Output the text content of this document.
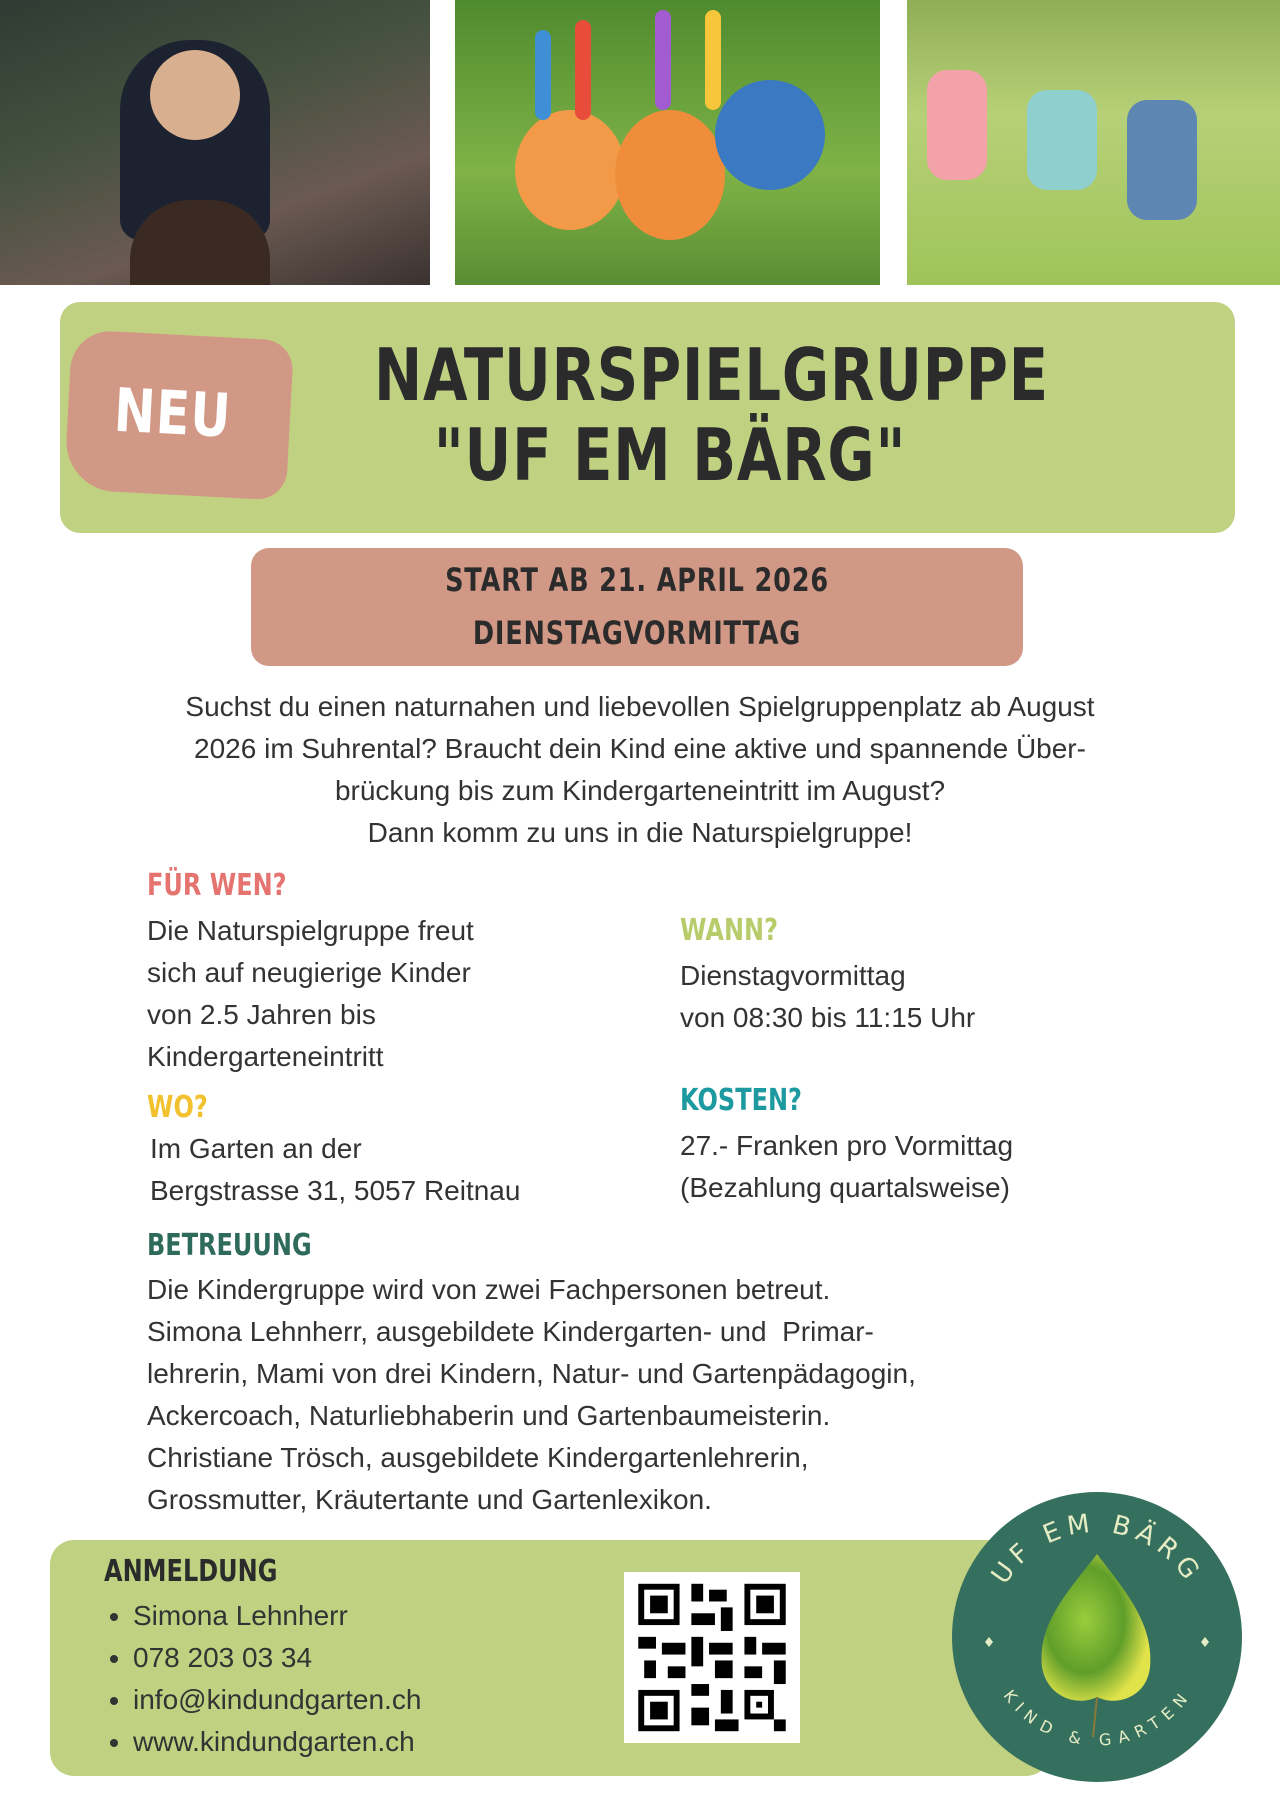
NEU NATURSPIELGRUPPE
"UF EM BÄRG"
START AB 21. APRIL 2026
DIENSTAGVORMITTAG
Suchst du einen naturnahen und liebevollen Spielgruppenplatz ab August
2026 im Suhrental? Braucht dein Kind eine aktive und spannende Über-
brückung bis zum Kindergarteneintritt im August?
Dann komm zu uns in die Naturspielgruppe!
FÜR WEN?
Die Naturspielgruppe freut
sich auf neugierige Kinder
von 2.5 Jahren bis
Kindergarteneintritt
WANN?
Dienstagvormittag
von 08:30 bis 11:15 Uhr
WO?
Im Garten an der
Bergstrasse 31, 5057 Reitnau
KOSTEN?
27.- Franken pro Vormittag
(Bezahlung quartalsweise)
BETREUUNG
Die Kindergruppe wird von zwei Fachpersonen betreut.
Simona Lehnherr, ausgebildete Kindergarten- und  Primar-
lehrerin, Mami von drei Kindern, Natur- und Gartenpädagogin,
Ackercoach, Naturliebhaberin und Gartenbaumeisterin.
Christiane Trösch, ausgebildete Kindergartenlehrerin,
Grossmutter, Kräutertante und Gartenlexikon.
ANMELDUNG
• Simona Lehnherr
• 078 203 03 34
• info@kindundgarten.ch
• www.kindundgarten.ch
UF EM BÄRG
KIND & GARTEN
